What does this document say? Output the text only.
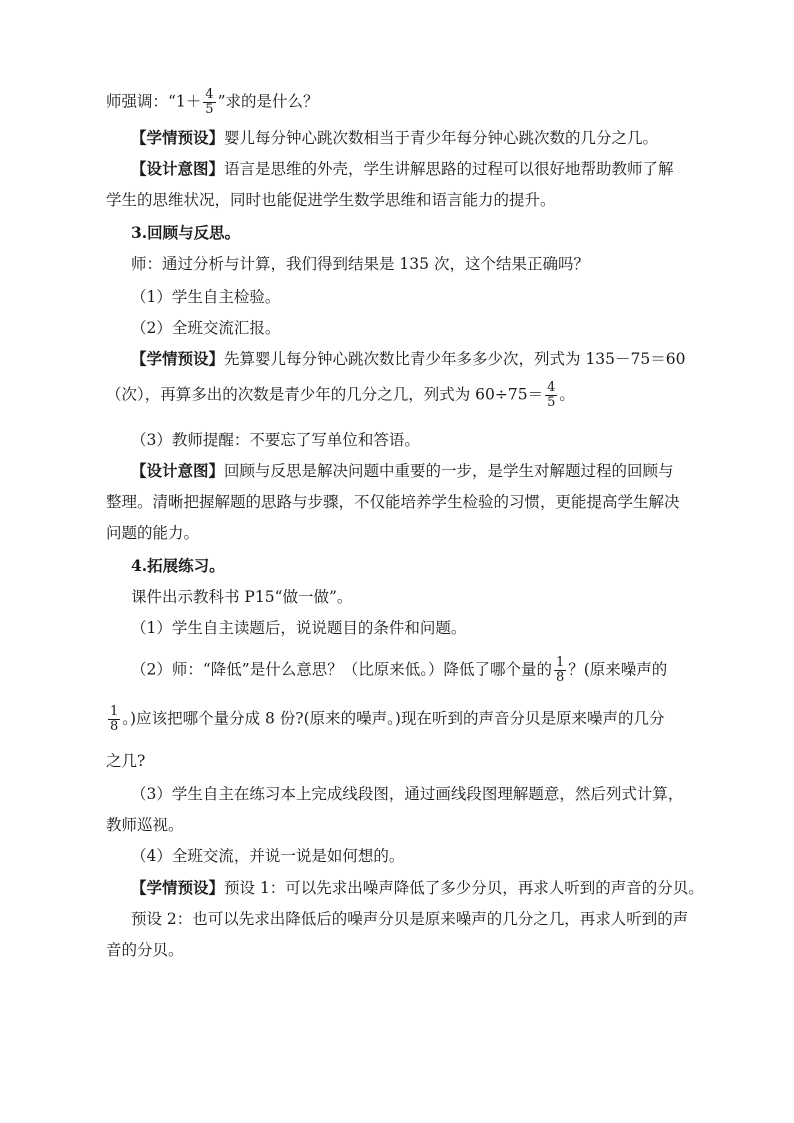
师强调：“$1+ \frac{4}{5}$ ”求的是什么？
【学情预设】婴儿每分钟心跳次数相当于青少年每分钟心跳次数的几分之几。
【设计意图】语言是思维的外壳，学生讲解思路的过程可以很好地帮助教师了解
学生的思维状况，同时也能促进学生数学思维和语言能力的提升。
3.回顾与反思。
师：通过分析与计算，我们得到结果是 135 次，这个结果正确吗？
（1）学生自主检验。
（2）全班交流汇报。
【学情预设】先算婴儿每分钟心跳次数比青少年多多少次，列式为 135－75＝60
（次），再算多出的次数是青少年的几分之几，列式为 $60\div 75= \frac{4}{5}$ 。
（3）教师提醒：不要忘了写单位和答语。
【设计意图】回顾与反思是解决问题中重要的一步，是学生对解题过程的回顾与
整理。清晰把握解题的思路与步骤，不仅能培养学生检验的习惯，更能提高学生解决
问题的能力。
4.拓展练习。
课件出示教科书 P15“做一做”。
（1）学生自主读题后，说说题目的条件和问题。
（2）师：“降低”是什么意思？（比原来低。）降低了哪个量的 $\frac{1}{8}$ ？(原来噪声的
$\frac{1}{8}$ 。)应该把哪个量分成 8 份?(原来的噪声。)现在听到的声音分贝是原来噪声的几分
之几?
（3）学生自主在练习本上完成线段图，通过画线段图理解题意，然后列式计算，
教师巡视。
（4）全班交流，并说一说是如何想的。
【学情预设】预设 1：可以先求出噪声降低了多少分贝，再求人听到的声音的分贝。
预设 2：也可以先求出降低后的噪声分贝是原来噪声的几分之几，再求人听到的声
音的分贝。
